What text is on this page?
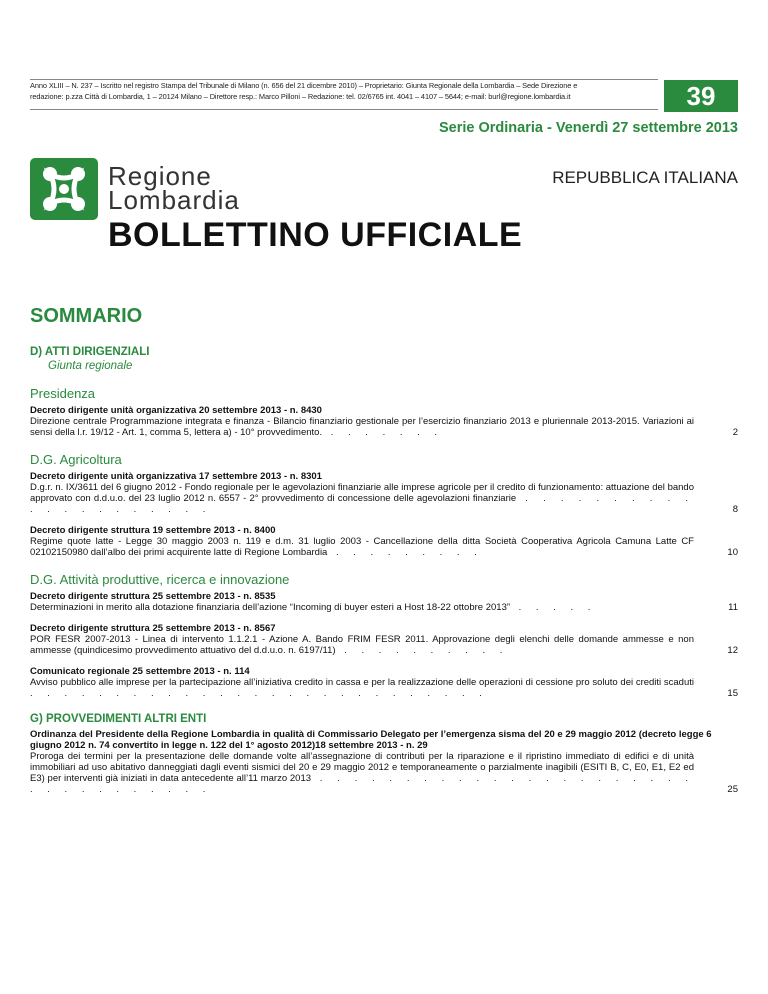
Anno XLIII – N. 237 – Iscritto nel registro Stampa del Tribunale di Milano (n. 656 del 21 dicembre 2010) – Proprietario: Giunta Regionale della Lombardia – Sede Direzione e
redazione: p.zza Città di Lombardia, 1 – 20124 Milano – Direttore resp.: Marco Pilloni – Redazione: tel. 02/6765 int. 4041 – 4107 – 5644; e-mail: burl@regione.lombardia.it	39
Serie Ordinaria - Venerdì 27 settembre 2013
Regione
Lombardia
REPUBBLICA ITALIANA
BOLLETTINO UFFICIALE
SOMMARIO
D) ATTI DIRIGENZIALI
Giunta regionale
Presidenza
Decreto dirigente unità organizzativa 20 settembre 2013 - n. 8430
Direzione centrale Programmazione integrata e finanza - Bilancio finanziario gestionale per l’esercizio finanziario 2013 e pluriennale 2013-2015. Variazioni ai sensi della l.r. 19/12 - Art. 1, comma 5, lettera a) - 10° provvedimento. . . . . . . .	2
D.G. Agricoltura
Decreto dirigente unità organizzativa 17 settembre 2013 - n. 8301
D.g.r. n. IX/3611 del 6 giugno 2012 - Fondo regionale per le agevolazioni finanziarie alle imprese agricole per il credito di funzionamento: attuazione del bando approvato con d.d.u.o. del 23 luglio 2012 n. 6557 - 2° provvedimento di concessione delle agevolazioni finanziarie . . . . . . . . . . . . . . . . . . . . .	8
Decreto dirigente struttura 19 settembre 2013 - n. 8400
Regime quote latte - Legge 30 maggio 2003 n. 119 e d.m. 31 luglio 2003 - Cancellazione della ditta Società Cooperativa Agricola Camuna Latte CF 02102150980 dall’albo dei primi acquirente latte di Regione Lombardia . . . . . . . . .	10
D.G. Attività produttive, ricerca e innovazione
Decreto dirigente struttura 25 settembre 2013 - n. 8535
Determinazioni in merito alla dotazione finanziaria dell’azione “Incoming di buyer esteri a Host 18-22 ottobre 2013” . . . . .	11
Decreto dirigente struttura 25 settembre 2013 - n. 8567
POR FESR 2007-2013 - Linea di intervento 1.1.2.1 - Azione A. Bando FRIM FESR 2011. Approvazione degli elenchi delle domande ammesse e non ammesse (quindicesimo provvedimento attuativo del d.d.u.o. n. 6197/11) . . . . . . . . . .	12
Comunicato regionale 25 settembre 2013 - n. 114
Avviso pubblico alle imprese per la partecipazione all’iniziativa credito in cassa e per la realizzazione delle operazioni di cessione pro soluto dei crediti scaduti . . . . . . . . . . . . . . . . . . . . . . . . . . .	15
G) PROVVEDIMENTI ALTRI ENTI
Ordinanza del Presidente della Regione Lombardia in qualità di Commissario Delegato per l’emergenza sisma del 20 e 29 maggio 2012 (decreto legge 6 giugno 2012 n. 74 convertito in legge n. 122 del 1° agosto 2012)18 settembre 2013 - n. 29
Proroga dei termini per la presentazione delle domande volte all’assegnazione di contributi per la riparazione e il ripristino immediato di edifici e di unità immobiliari ad uso abitativo danneggiati dagli eventi sismici del 20 e 29 maggio 2012 e temporaneamente o parzialmente inagibili (ESITI B, C, E0, E1, E2 ed E3) per interventi già iniziati in data antecedente all’11 marzo 2013 . . . . . . . . . . . . . . . . . . . . . . . . . . . . . . . . .	25
